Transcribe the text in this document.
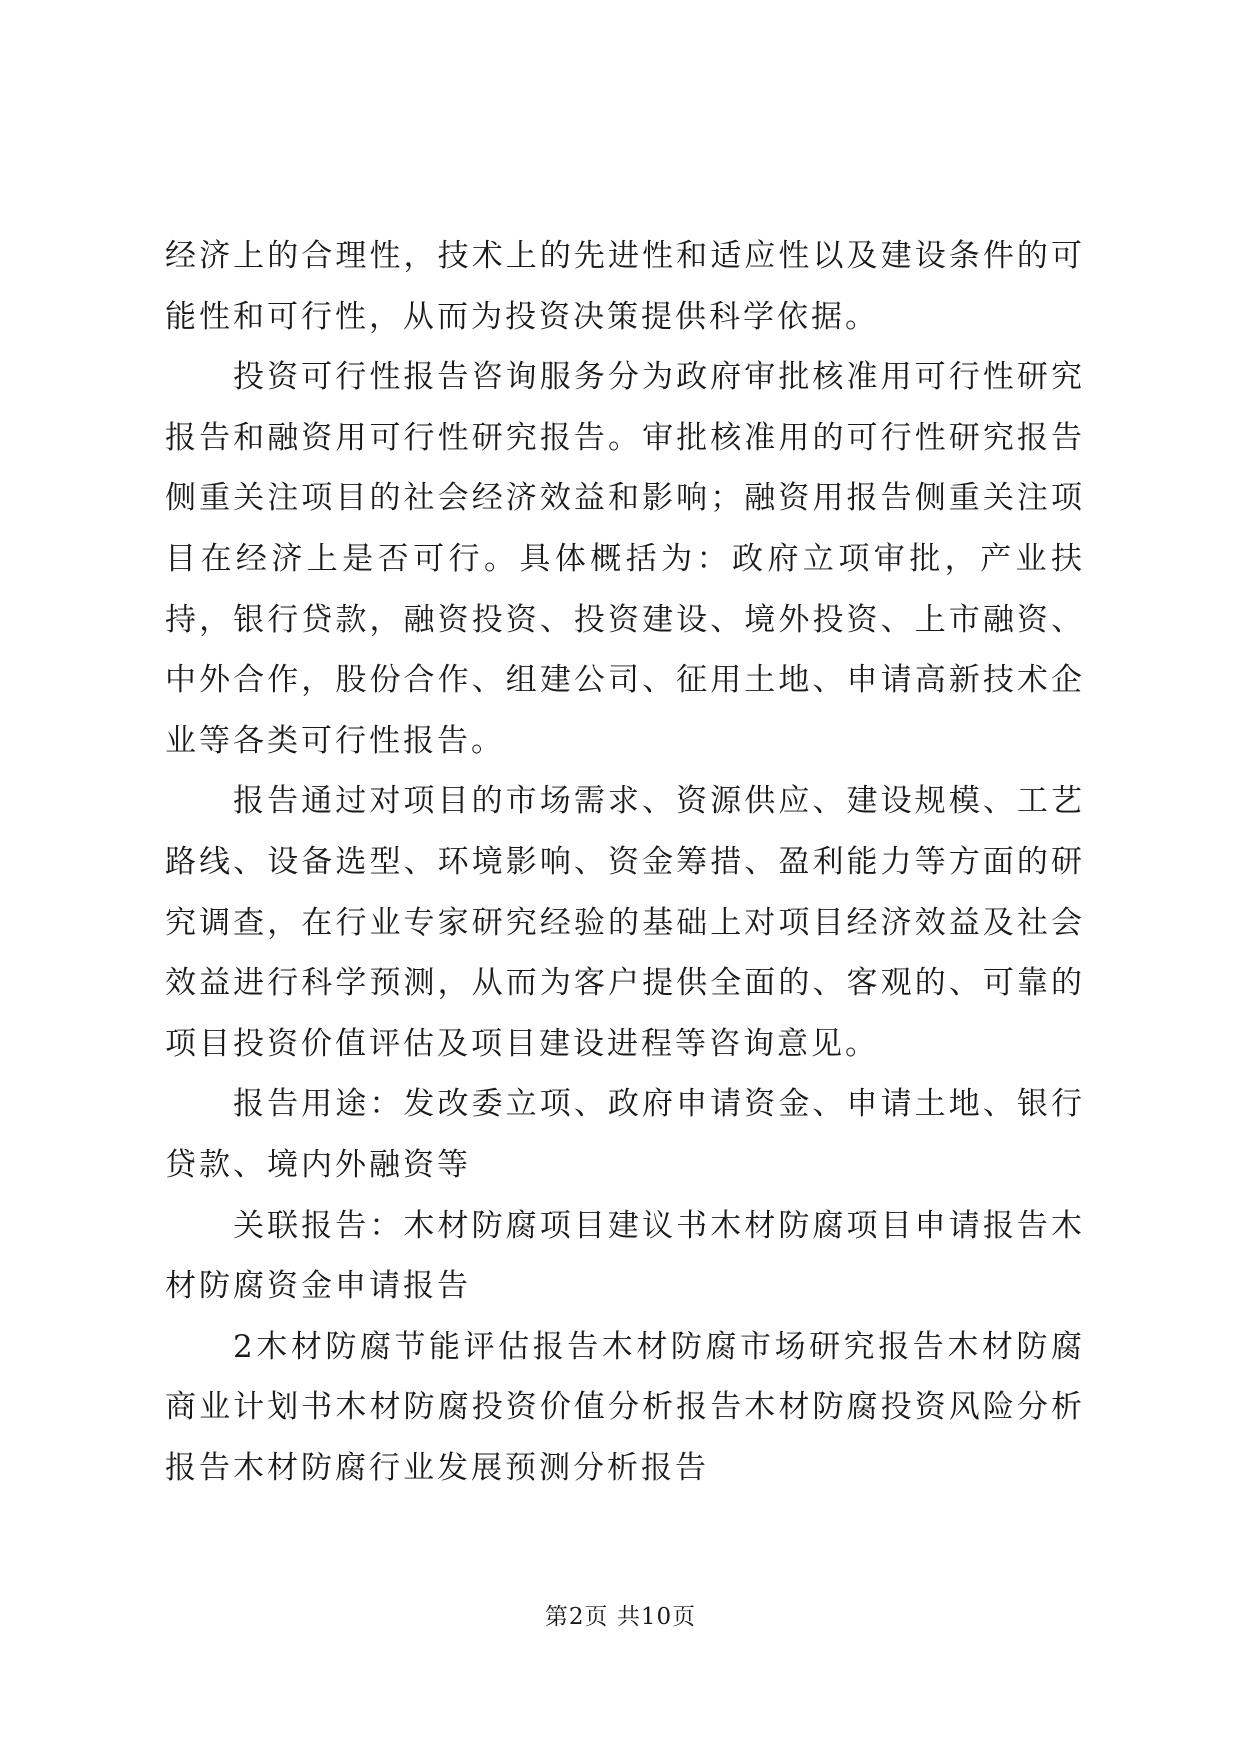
经济上的合理性，技术上的先进性和适应性以及建设条件的可能性和可行性，从而为投资决策提供科学依据。

投资可行性报告咨询服务分为政府审批核准用可行性研究报告和融资用可行性研究报告。审批核准用的可行性研究报告侧重关注项目的社会经济效益和影响；融资用报告侧重关注项目在经济上是否可行。具体概括为：政府立项审批，产业扶持，银行贷款，融资投资、投资建设、境外投资、上市融资、中外合作，股份合作、组建公司、征用土地、申请高新技术企业等各类可行性报告。

报告通过对项目的市场需求、资源供应、建设规模、工艺路线、设备选型、环境影响、资金筹措、盈利能力等方面的研究调查，在行业专家研究经验的基础上对项目经济效益及社会效益进行科学预测，从而为客户提供全面的、客观的、可靠的项目投资价值评估及项目建设进程等咨询意见。

报告用途：发改委立项、政府申请资金、申请土地、银行贷款、境内外融资等

关联报告：木材防腐项目建议书木材防腐项目申请报告木材防腐资金申请报告

2木材防腐节能评估报告木材防腐市场研究报告木材防腐商业计划书木材防腐投资价值分析报告木材防腐投资风险分析报告木材防腐行业发展预测分析报告

第2页 共10页
